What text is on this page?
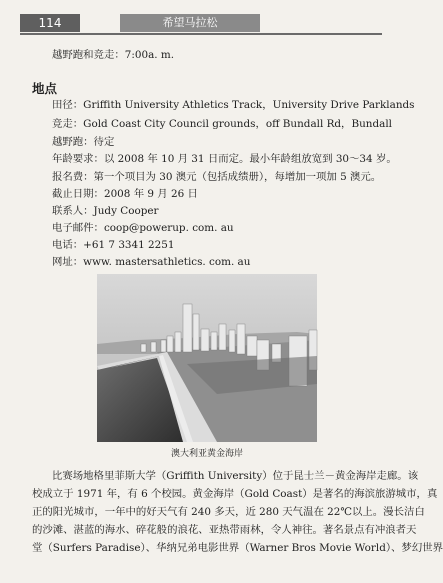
114	希望马拉松
越野跑和竞走：7:00a. m.
地点
田径：Griffith University Athletics Track，University Drive Parklands
竞走：Gold Coast City Council grounds，off Bundall Rd，Bundall
越野跑：待定
年龄要求：以 2008 年 10 月 31 日而定。最小年龄组放宽到 30～34 岁。
报名费：第一个项目为 30 澳元（包括成绩册），每增加一项加 5 澳元。
截止日期：2008 年 9 月 26 日
联系人：Judy Cooper
电子邮件：coop@powerup. com. au
电话：+61 7 3341 2251
网址：www. mastersathletics. com. au
澳大利亚黄金海岸
比赛场地格里菲斯大学（Griffith University）位于昆士兰－黄金海岸走廊。该
校成立于 1971 年，有 6 个校园。黄金海岸（Gold Coast）是著名的海滨旅游城市，真
正的阳光城市，一年中的好天气有 240 多天，近 280 天气温在 22℃以上。漫长洁白
的沙滩、湛蓝的海水、碎花般的浪花、亚热带雨林，令人神往。著名景点有冲浪者天
堂（Surfers Paradise）、华纳兄弟电影世界（Warner Bros Movie World）、梦幻世界
